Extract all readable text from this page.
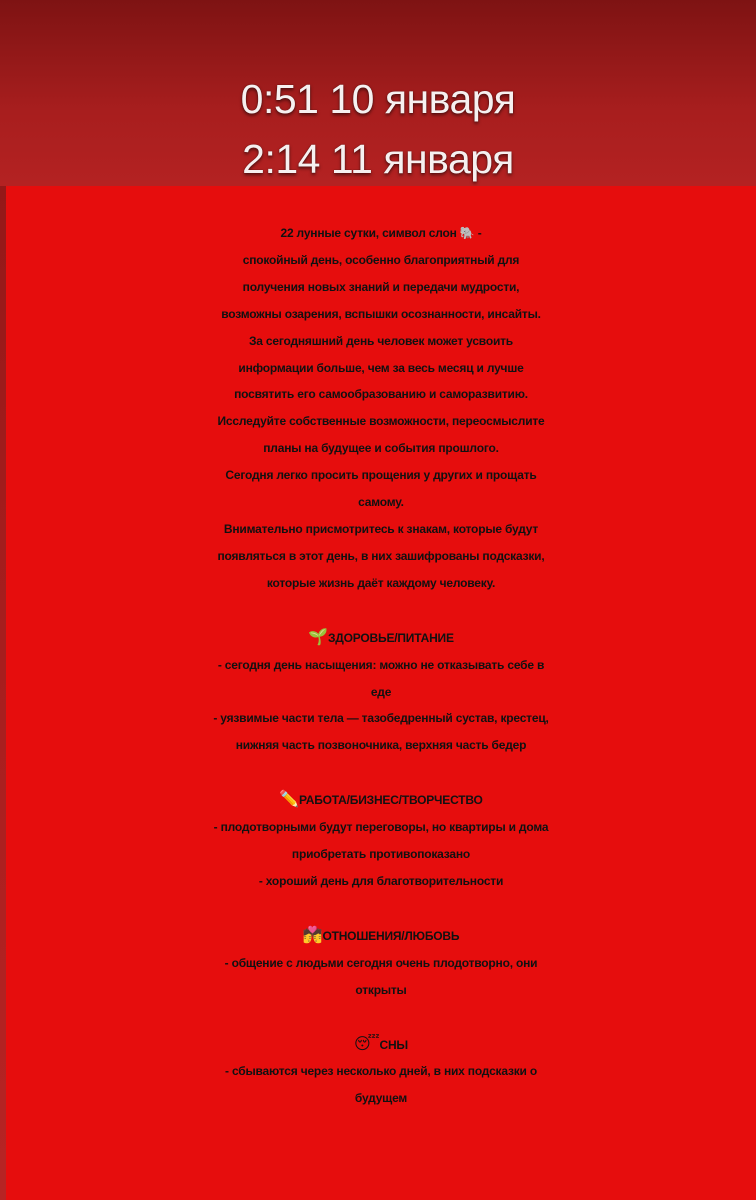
0:51 10 января
2:14 11 января
22 лунные сутки, символ слон 🐘 -
спокойный день, особенно благоприятный для
получения новых знаний и передачи мудрости,
возможны озарения, вспышки осознанности, инсайты.
За сегодняшний день человек может усвоить
информации больше, чем за весь месяц и лучше
посвятить его самообразованию и саморазвитию.
Исследуйте собственные возможности, переосмыслите
планы на будущее и события прошлого.
Сегодня легко просить прощения у других и прощать
самому.
Внимательно присмотритесь к знакам, которые будут
появляться в этот день, в них зашифрованы подсказки,
которые жизнь даёт каждому человеку.
🌱ЗДОРОВЬЕ/ПИТАНИЕ
- сегодня день насыщения: можно не отказывать себе в
еде
- уязвимые части тела — тазобедренный сустав, крестец,
нижняя часть позвоночника, верхняя часть бедер
✏️РАБОТА/БИЗНЕС/ТВОРЧЕСТВО
- плодотворными будут переговоры, но квартиры и дома
приобретать противопоказано
- хороший день для благотворительности
💏ОТНОШЕНИЯ/ЛЮБОВЬ
- общение с людьми сегодня очень плодотворно, они
открыты
😴СНЫ
- сбываются через несколько дней, в них подсказки о
будущем
